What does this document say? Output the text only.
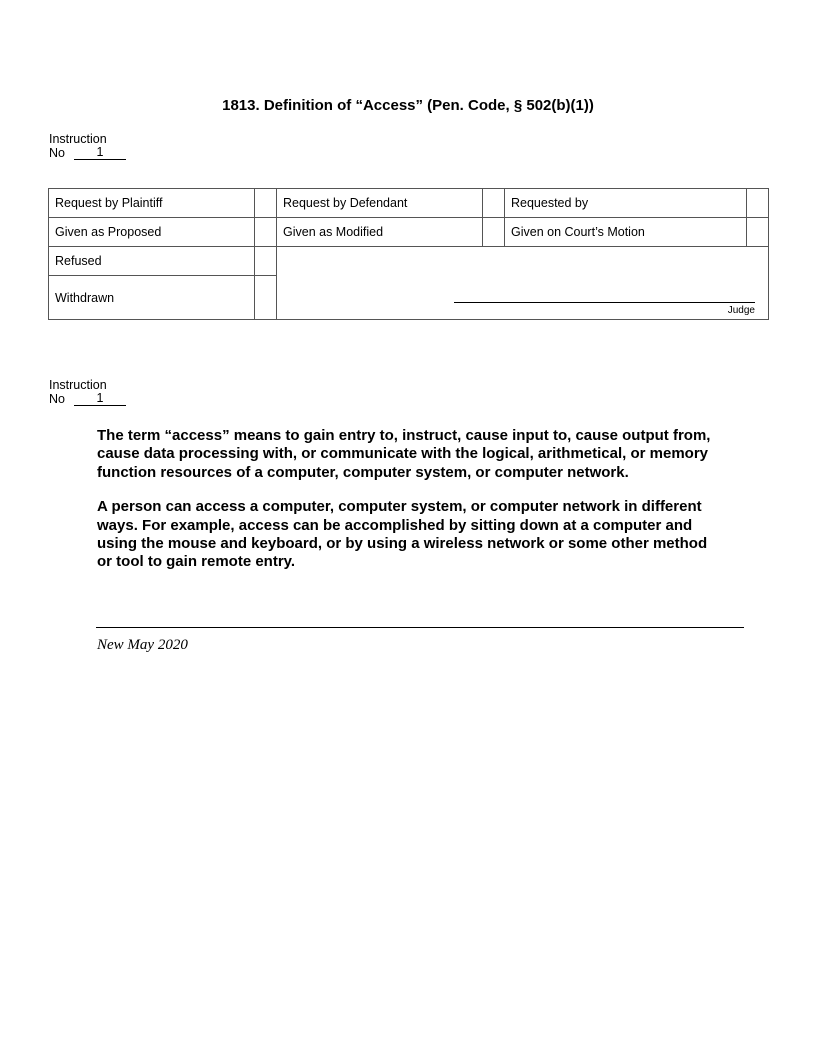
1813. Definition of “Access” (Pen. Code, § 502(b)(1))
Instruction
No	1
Request by Plaintiff		Request by Defendant		Requested by	
Given as Proposed		Given as Modified		Given on Court’s Motion	
Refused		Judge			

Withdrawn					
Instruction
No	1

The term “access” means to gain entry to, instruct, cause input to, cause output from, cause data processing with, or communicate with the logical, arithmetical, or memory function resources of a computer, computer system, or computer network.

A person can access a computer, computer system, or computer network in different ways. For example, access can be accomplished by sitting down at a computer and using the mouse and keyboard, or by using a wireless network or some other method or tool to gain remote entry.

New May 2020
